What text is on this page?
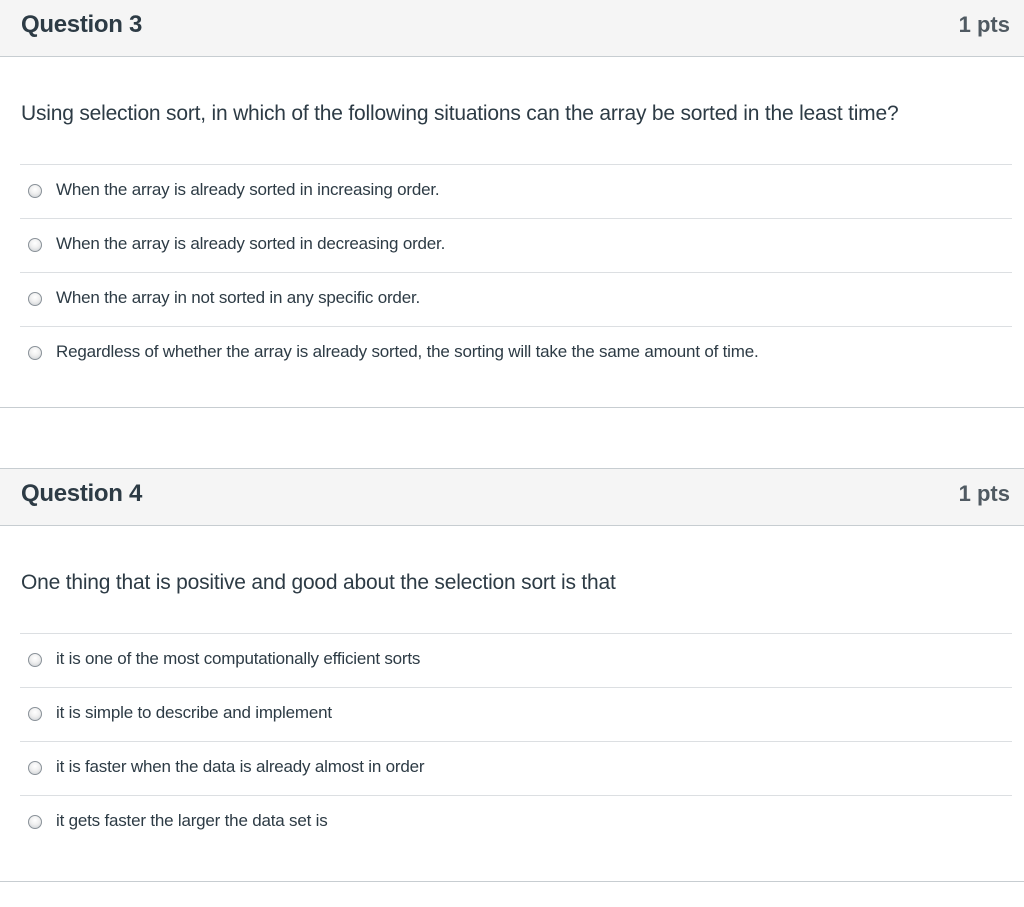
Question 3	1 pts
Using selection sort, in which of the following situations can the array be sorted in the least time?
When the array is already sorted in increasing order.
When the array is already sorted in decreasing order.
When the array in not sorted in any specific order.
Regardless of whether the array is already sorted, the sorting will take the same amount of time.
Question 4	1 pts
One thing that is positive and good about the selection sort is that
it is one of the most computationally efficient sorts
it is simple to describe and implement
it is faster when the data is already almost in order
it gets faster the larger the data set is
